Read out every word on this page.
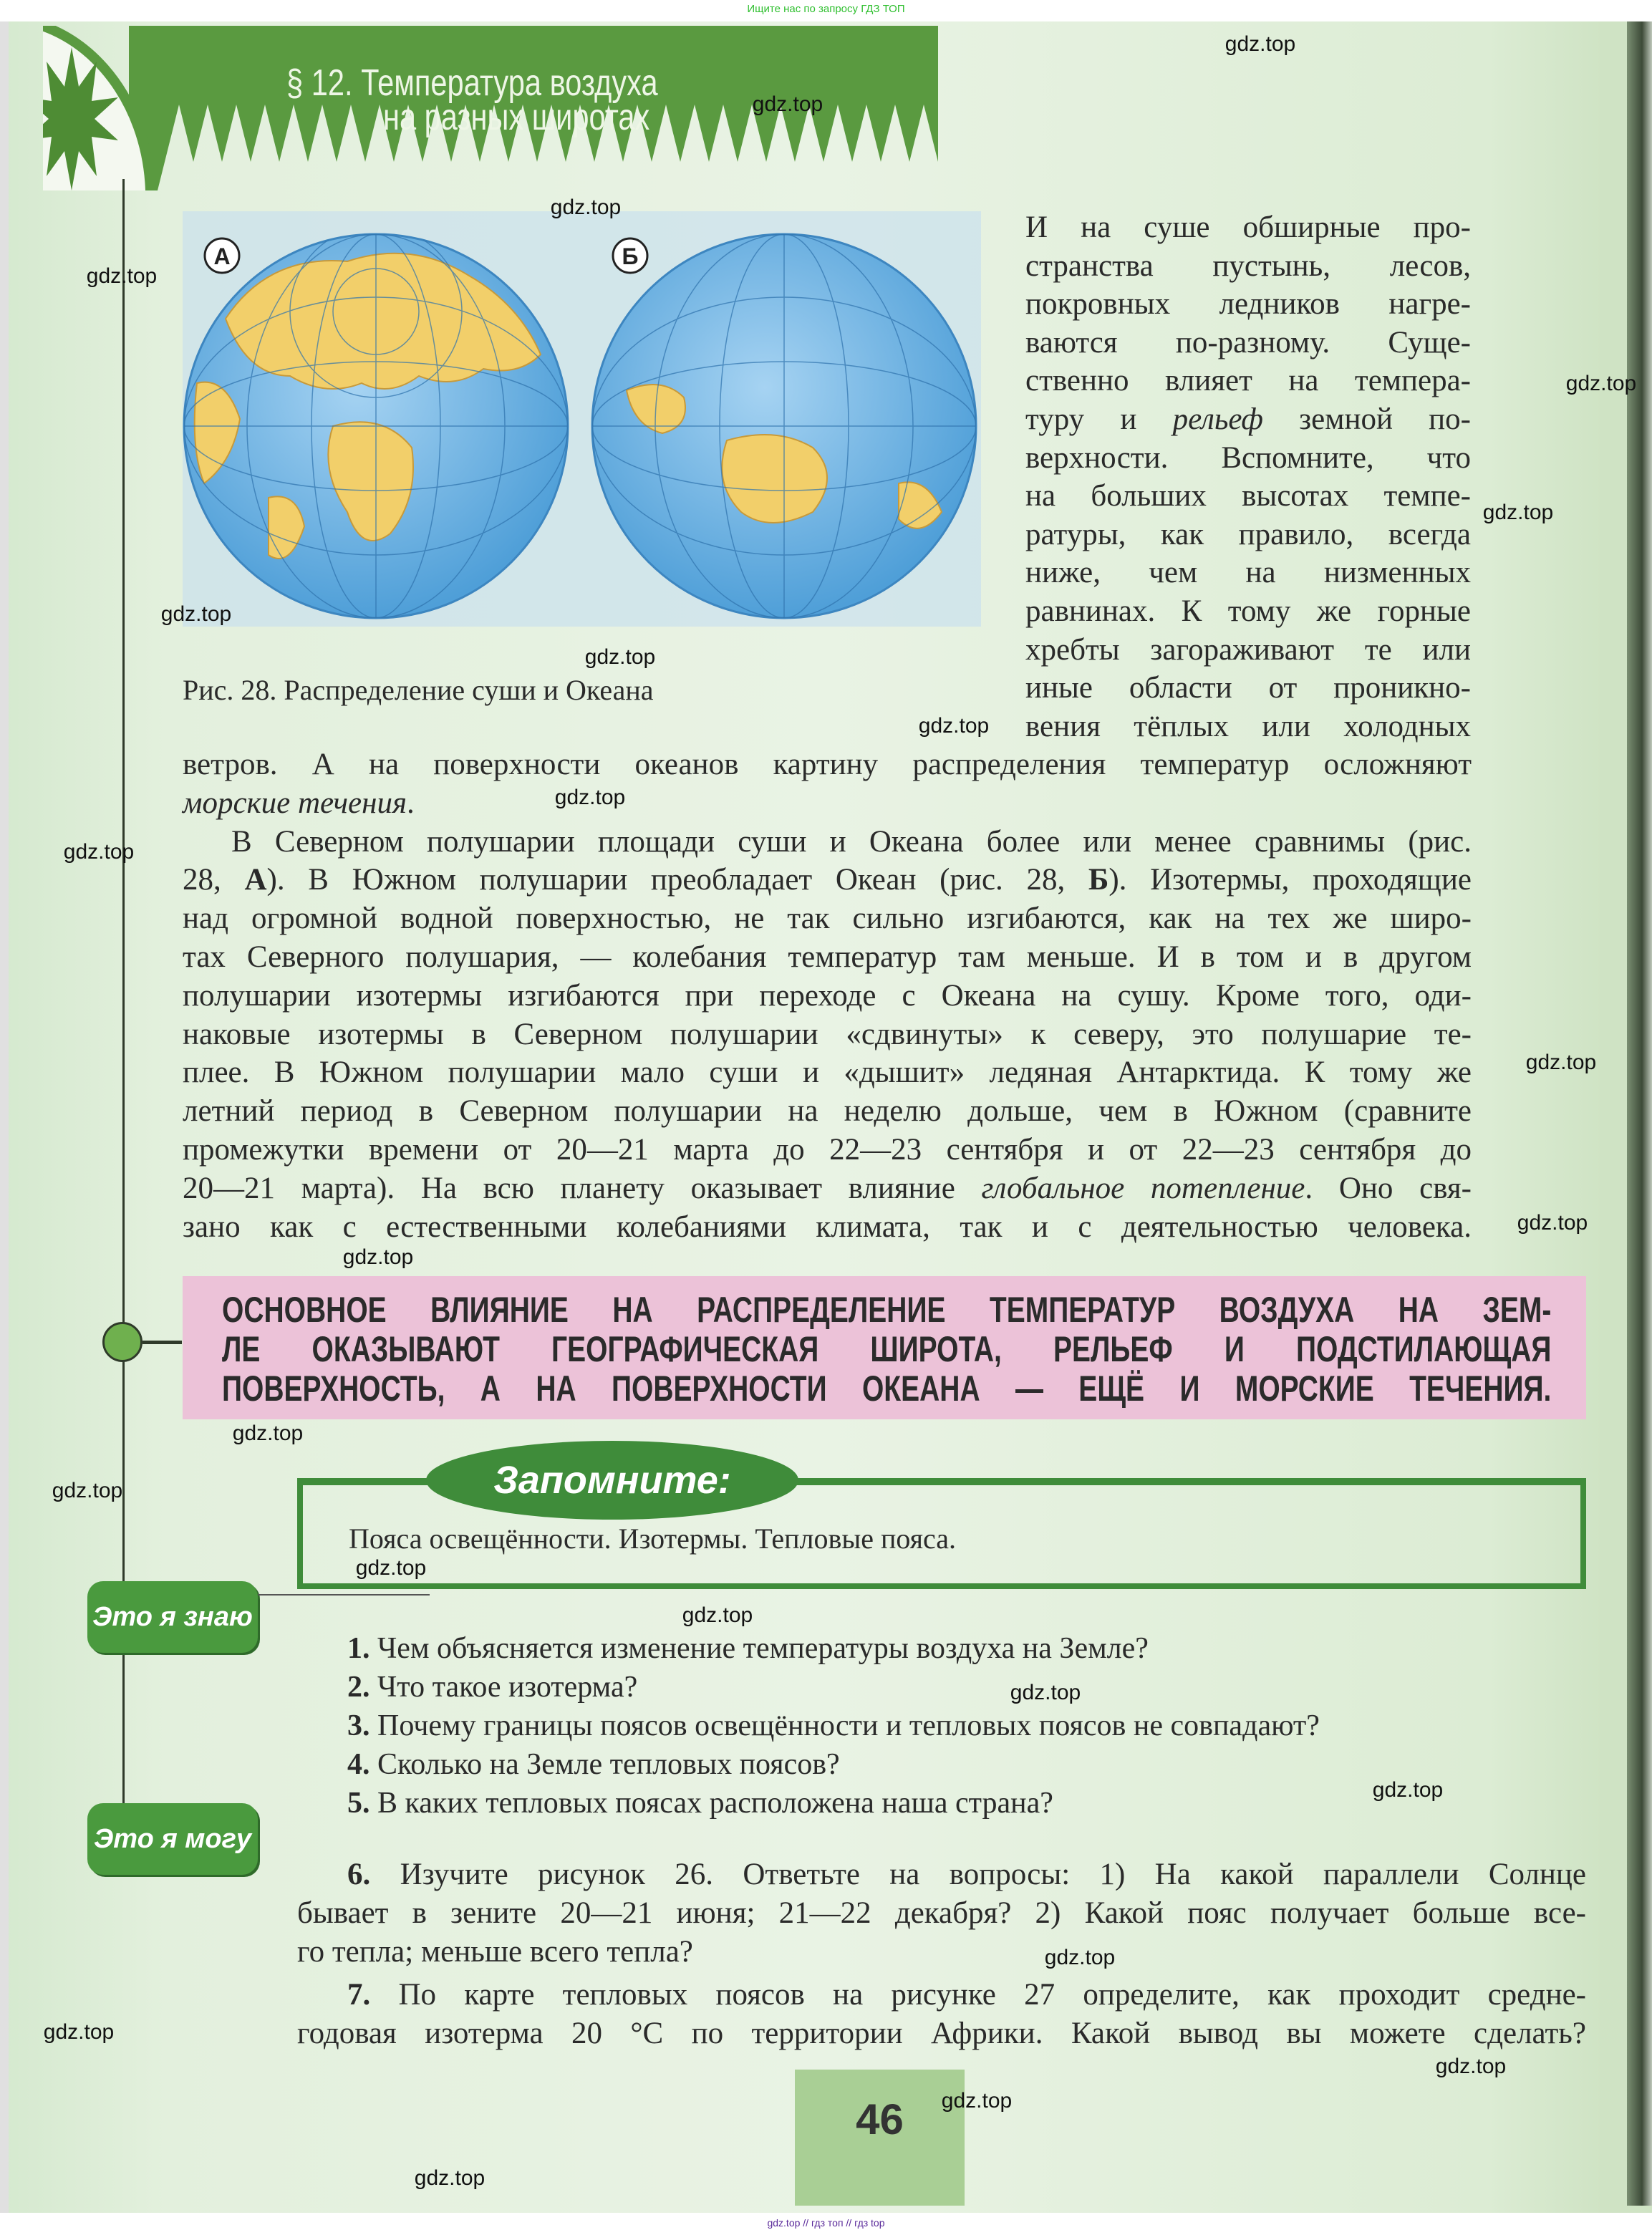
Ищите нас по запросу ГДЗ ТОП
§ 12. Температура воздуха
на разных широтах
А	Б
Рис. 28. Распределение суши и Океана
И на суше обширные про-
странства пустынь, лесов,
покровных ледников нагре-
ваются по-разному. Суще-
ственно влияет на темпера-
туру и рельеф земной по-
верхности. Вспомните, что
на больших высотах темпе-
ратуры, как правило, всегда
ниже, чем на низменных
равнинах. К тому же горные
хребты загораживают те или
иные области от проникно-
вения тёплых или холодных
ветров. А на поверхности океанов картину распределения температур осложняют
морские течения.
В Северном полушарии площади суши и Океана более или менее сравнимы (рис.
28, А). В Южном полушарии преобладает Океан (рис. 28, Б). Изотермы, проходящие
над огромной водной поверхностью, не так сильно изгибаются, как на тех же широ-
тах Северного полушария, — колебания температур там меньше. И в том и в другом
полушарии изотермы изгибаются при переходе с Океана на сушу. Кроме того, оди-
наковые изотермы в Северном полушарии «сдвинуты» к северу, это полушарие те-
плее. В Южном полушарии мало суши и «дышит» ледяная Антарктида. К тому же
летний период в Северном полушарии на неделю дольше, чем в Южном (сравните
промежутки времени от 20—21 марта до 22—23 сентября и от 22—23 сентября до
20—21 марта). На всю планету оказывает влияние глобальное потепление. Оно свя-
зано как с естественными колебаниями климата, так и с деятельностью человека.
ОСНОВНОЕ ВЛИЯНИЕ НА РАСПРЕДЕЛЕНИЕ ТЕМПЕРАТУР ВОЗДУХА НА ЗЕМ-
ЛЕ ОКАЗЫВАЮТ ГЕОГРАФИЧЕСКАЯ ШИРОТА, РЕЛЬЕФ И ПОДСТИЛАЮЩАЯ
ПОВЕРХНОСТЬ, А НА ПОВЕРХНОСТИ ОКЕАНА — ЕЩЁ И МОРСКИЕ ТЕЧЕНИЯ.
Запомните:
Пояса освещённости. Изотермы. Тепловые пояса.
Это я знаю
1. Чем объясняется изменение температуры воздуха на Земле?
2. Что такое изотерма?
3. Почему границы поясов освещённости и тепловых поясов не совпадают?
4. Сколько на Земле тепловых поясов?
5. В каких тепловых поясах расположена наша страна?
Это я могу
6. Изучите рисунок 26. Ответьте на вопросы: 1) На какой параллели Солнце
бывает в зените 20—21 июня; 21—22 декабря? 2) Какой пояс получает больше все-
го тепла; меньше всего тепла?
7. По карте тепловых поясов на рисунке 27 определите, как проходит средне-
годовая изотерма 20 °C по территории Африки. Какой вывод вы можете сделать?
46
gdz.top
gdz.top
gdz.top
gdz.top
gdz.top
gdz.top
gdz.top
gdz.top
gdz.top
gdz.top
gdz.top
gdz.top
gdz.top
gdz.top
gdz.top
gdz.top
gdz.top
gdz.top
gdz.top
gdz.top
gdz.top
gdz.top
gdz.top
gdz.top
gdz.top
gdz.top // гдз топ // гдз top
